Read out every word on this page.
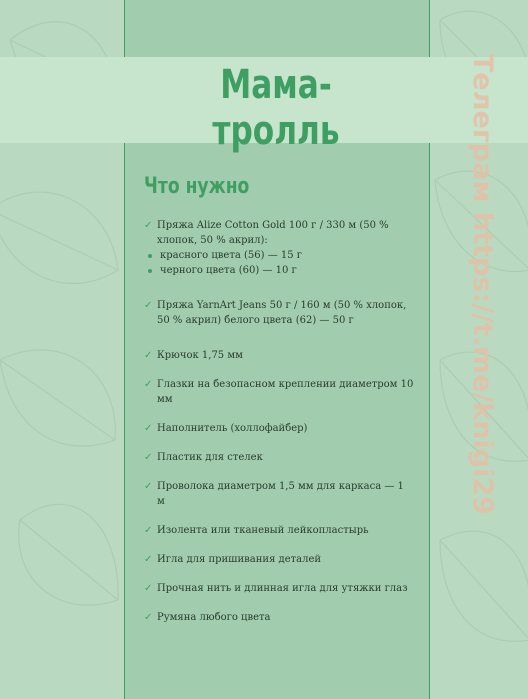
Мама-тролль
Что нужно
✓ Пряжа Alize Cotton Gold 100 г / 330 м (50 % хлопок, 50 % акрил):
красного цвета (56) — 15 г
черного цвета (60) — 10 г
✓ Пряжа YarnArt Jeans 50 г / 160 м (50 % хлопок, 50 % акрил) белого цвета (62) — 50 г
✓ Крючок 1,75 мм
✓ Глазки на безопасном креплении диаметром 10 мм
✓ Наполнитель (холлофайбер)
✓ Пластик для стелек
✓ Проволока диаметром 1,5 мм для каркаса — 1 м
✓ Изолента или тканевый лейкопластырь
✓ Игла для пришивания деталей
✓ Прочная нить и длинная игла для утяжки глаз
✓ Румяна любого цвета
Телеграм https://t.me/knigi29
